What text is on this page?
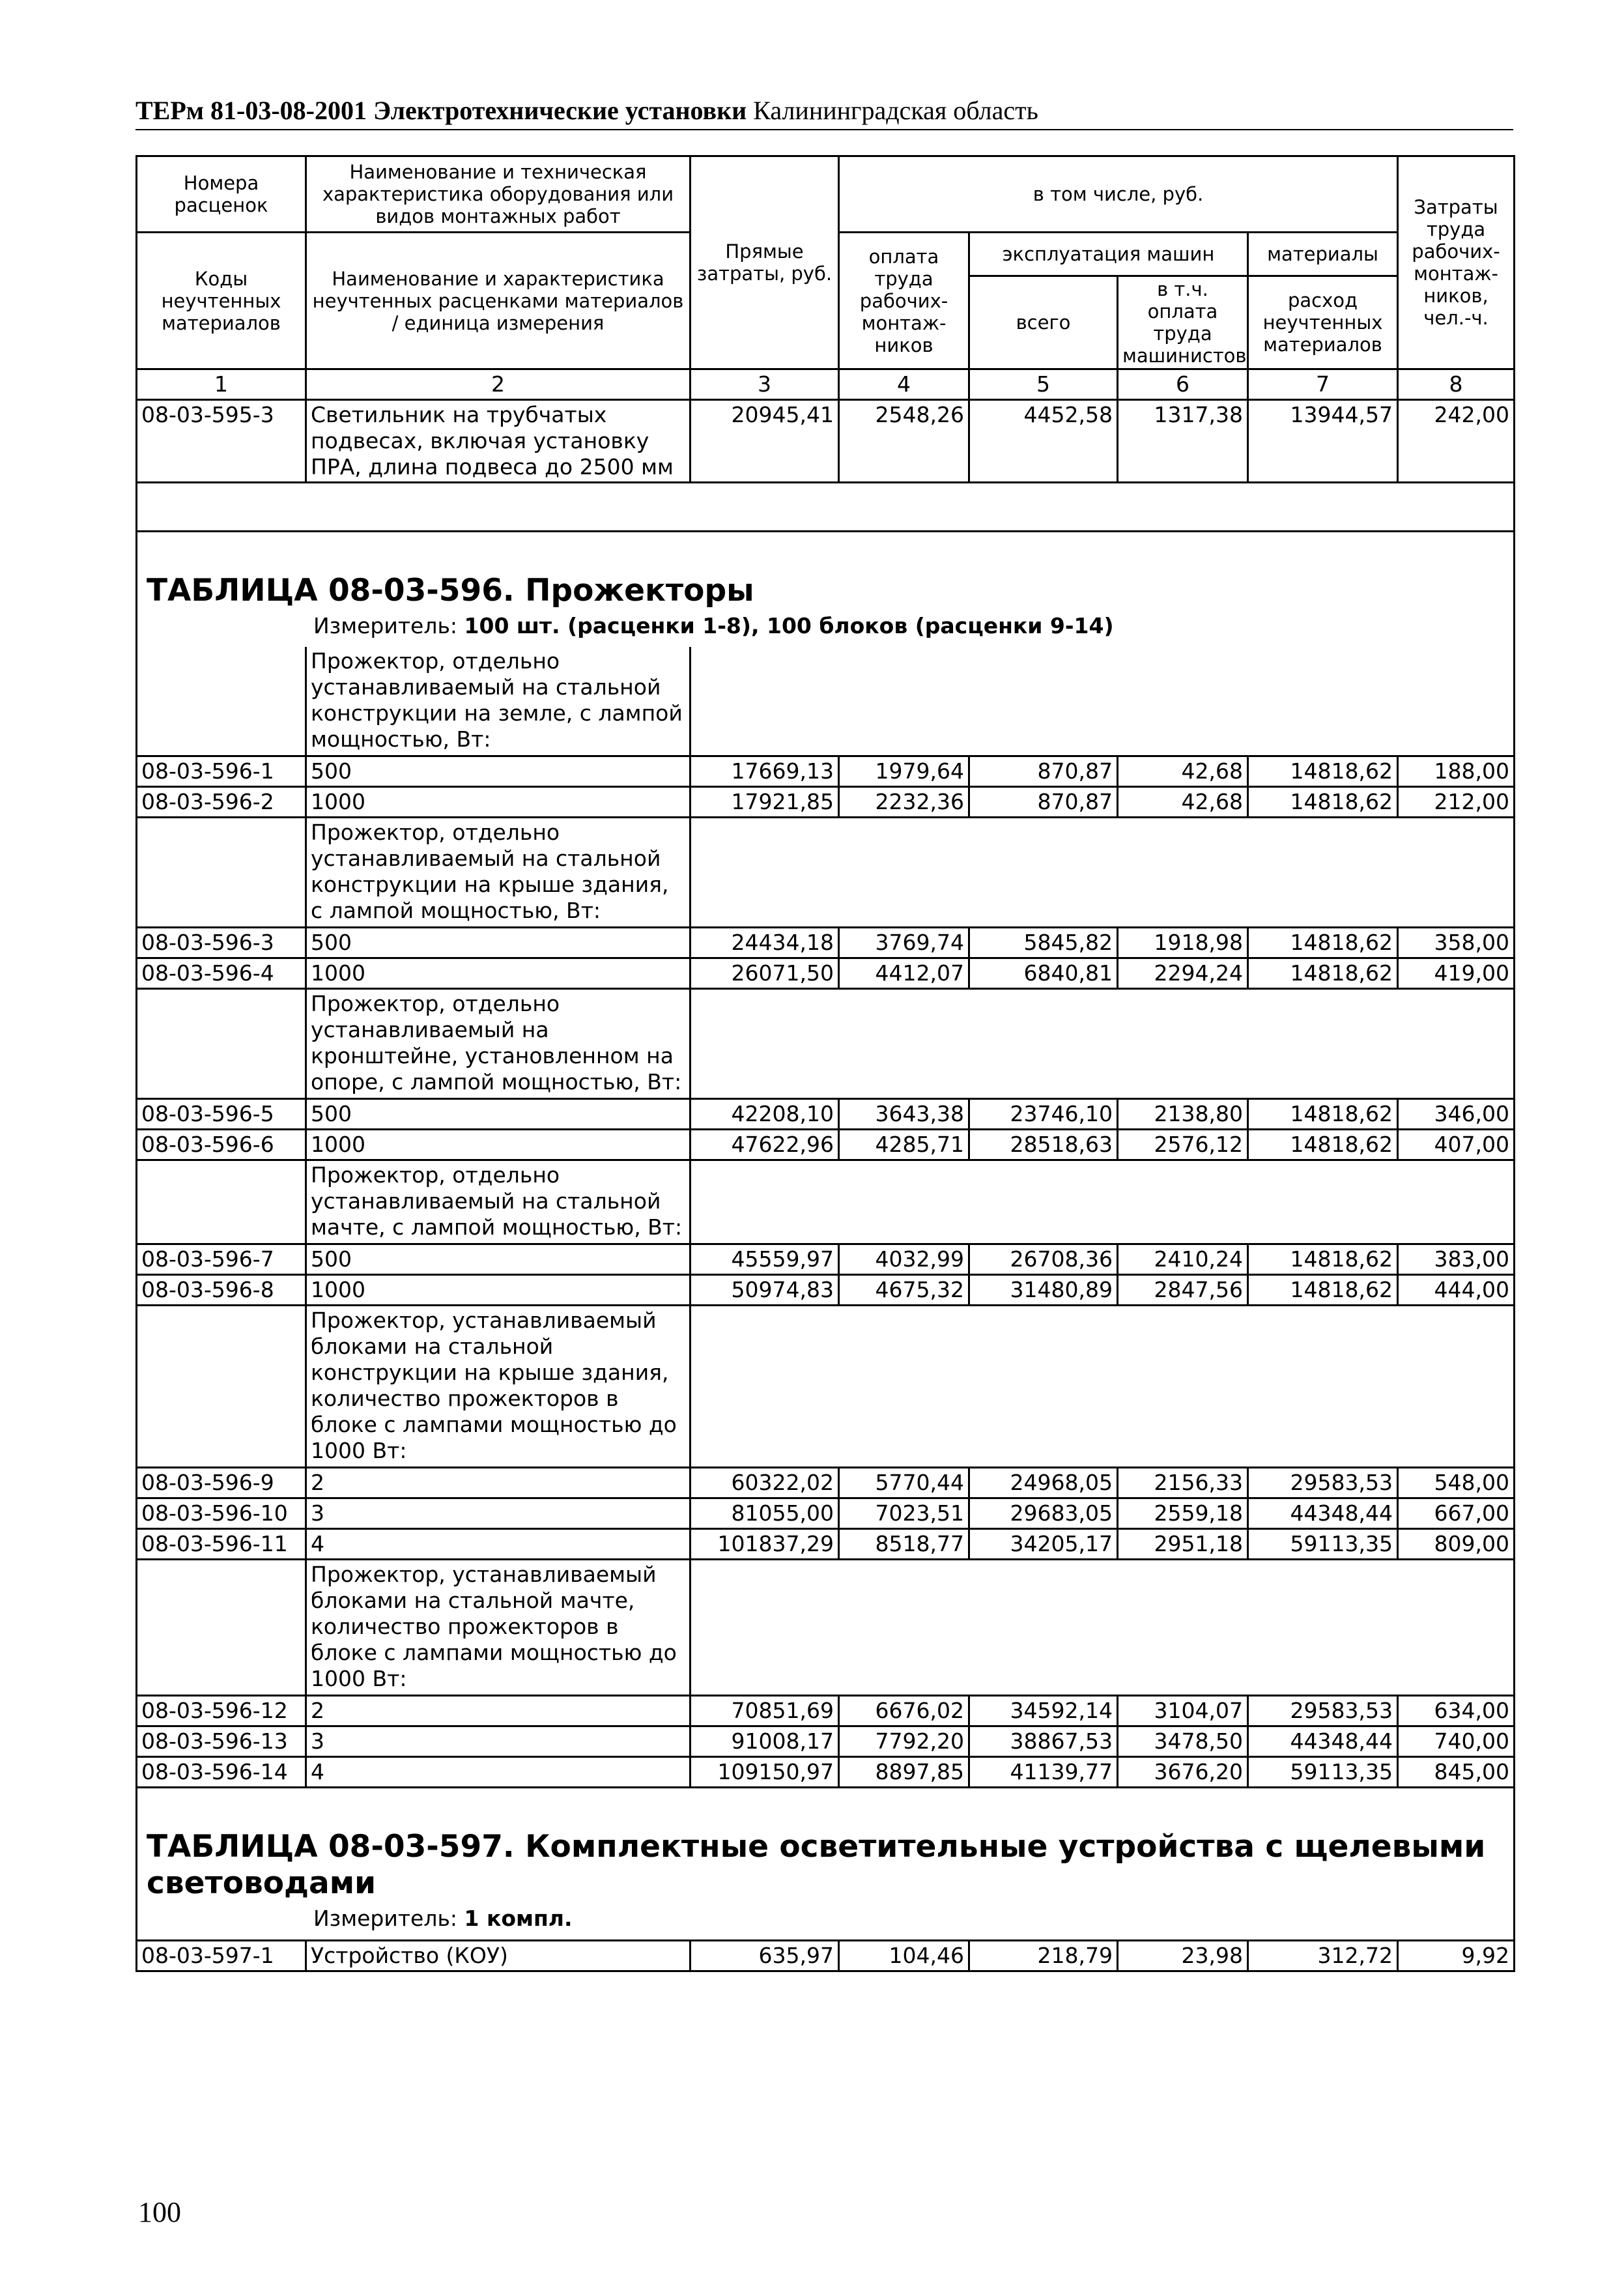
ТЕРм 81-03-08-2001 Электротехнические установки Калининградская область
Номера расценок	Наименование и техническая характеристика оборудования или видов монтажных работ	Прямые затраты, руб.	в том числе, руб.				Затраты труда рабочих-монтаж-ников, чел.-ч.
Коды неучтенных материалов	Наименование и характеристика неучтенных расценками материалов / единица измерения		оплата труда рабочих-монтаж-ников	эксплуатация машин		материалы	
				всего	в т.ч. оплата труда машинистов	расход неучтенных материалов	
1	2	3	4	5	6	7	8
08-03-595-3	Светильник на трубчатых подвесах, включая установку ПРА, длина подвеса до 2500 мм	20945,41	2548,26	4452,58	1317,38	13944,57	242,00

ТАБЛИЦА 08-03-596. Прожекторы
Измеритель: 100 шт. (расценки 1-8), 100 блоков (расценки 9-14)							

	Прожектор, отдельно устанавливаемый на стальной конструкции на земле, с лампой мощностью, Вт:						
08-03-596-1	500	17669,13	1979,64	870,87	42,68	14818,62	188,00
08-03-596-2	1000	17921,85	2232,36	870,87	42,68	14818,62	212,00
	Прожектор, отдельно устанавливаемый на стальной конструкции на крыше здания, с лампой мощностью, Вт:						
08-03-596-3	500	24434,18	3769,74	5845,82	1918,98	14818,62	358,00
08-03-596-4	1000	26071,50	4412,07	6840,81	2294,24	14818,62	419,00
	Прожектор, отдельно устанавливаемый на кронштейне, установленном на опоре, с лампой мощностью, Вт:						
08-03-596-5	500	42208,10	3643,38	23746,10	2138,80	14818,62	346,00
08-03-596-6	1000	47622,96	4285,71	28518,63	2576,12	14818,62	407,00
	Прожектор, отдельно устанавливаемый на стальной мачте, с лампой мощностью, Вт:						
08-03-596-7	500	45559,97	4032,99	26708,36	2410,24	14818,62	383,00
08-03-596-8	1000	50974,83	4675,32	31480,89	2847,56	14818,62	444,00
	Прожектор, устанавливаемый блоками на стальной конструкции на крыше здания, количество прожекторов в блоке с лампами мощностью до 1000 Вт:						
08-03-596-9	2	60322,02	5770,44	24968,05	2156,33	29583,53	548,00
08-03-596-10	3	81055,00	7023,51	29683,05	2559,18	44348,44	667,00
08-03-596-11	4	101837,29	8518,77	34205,17	2951,18	59113,35	809,00
	Прожектор, устанавливаемый блоками на стальной мачте, количество прожекторов в блоке с лампами мощностью до 1000 Вт:						
08-03-596-12	2	70851,69	6676,02	34592,14	3104,07	29583,53	634,00
08-03-596-13	3	91008,17	7792,20	38867,53	3478,50	44348,44	740,00
08-03-596-14	4	109150,97	8897,85	41139,77	3676,20	59113,35	845,00

ТАБЛИЦА 08-03-597. Комплектные осветительные устройства с щелевыми световодами
Измеритель: 1 компл.							

08-03-597-1	Устройство (КОУ)	635,97	104,46	218,79	23,98	312,72	9,92
100
